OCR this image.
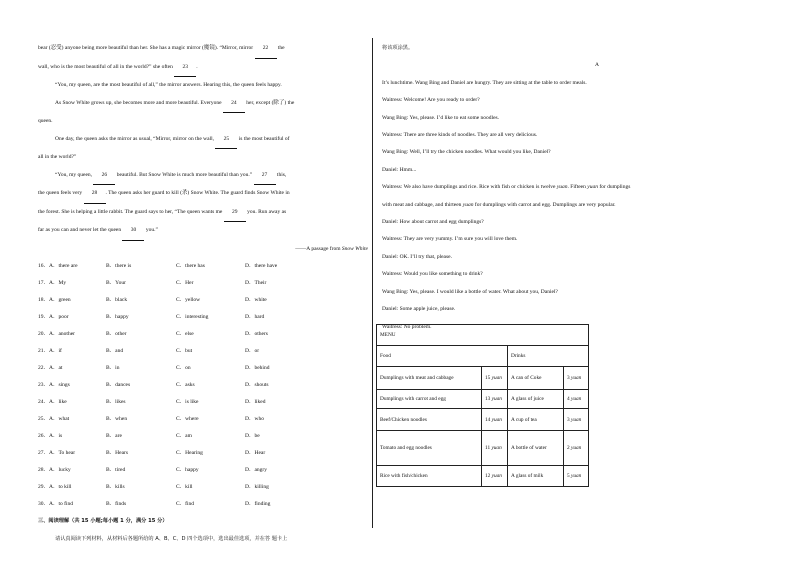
bear (忍受) anyone being more beautiful than her. She has a magic mirror (魔镜). “Mirror, mirror 22 the

wall, who is the most beautiful of all in the world?” she often 23 .

“You, my queen, are the most beautiful of all,” the mirror answers. Hearing this, the queen feels happy.

As Snow White grows up, she becomes more and more beautiful. Everyone 24 her, except (除了) the

queen.

One day, the queen asks the mirror as usual, “Mirror, mirror on the wall, 25 is the most beautiful of

all in the world?”

“You, my queen, 26 beautiful. But Snow White is much more beautiful than you.” 27 this,

the queen feels very 28 . The queen asks her guard to kill (杀) Snow White. The guard finds Snow White in

the forest. She is helping a little rabbit. The guard says to her, “The queen wants me 29 you. Run away as

far as you can and never let the queen 30 you.”

——A passage from Snow White

16．A．there are	B．there is	C．there has	D．there have
17．A．My	B．Your	C．Her	D．Their
18．A．green	B．black	C．yellow	D．white
19．A．poor	B．happy	C．interesting	D．hard
20．A．another	B．other	C．else	D．others
21．A．if	B．and	C．but	D．or
22．A．at	B．in	C．on	D．behind
23．A．sings	B．dances	C．asks	D．shouts
24．A．like	B．likes	C．is like	D．liked
25．A．what	B．when	C．where	D．who
26．A．is	B．are	C．am	D．be
27．A．To hear	B．Hears	C．Hearing	D．Hear
28．A．lucky	B．tired	C．happy	D．angry
29．A．to kill	B．kills	C．kill	D．killing
30．A．to find	B．finds	C．find	D．finding

三、阅读理解（共 15 小题;每小题 1 分，满分 15 分）

请认真阅读下列材料，从材料后各题所给的 A、B、C、D 四个选项中，选出最佳选项，并在答 题卡上

将该项涂黑。

A

It’s lunchtime. Wang Bing and Daniel are hungry. They are sitting at the table to order meals.

Waitress: Welcome! Are you ready to order?

Wang Bing: Yes, please. I’d like to eat some noodles.

Waitress: There are three kinds of noodles. They are all very delicious.

Wang Bing: Well, I’ll try the chicken noodles. What would you like, Daniel?

Daniel: Hmm...

Waitress: We also have dumplings and rice. Rice with fish or chicken is twelve yuan. Fifteen yuan for dumplings

with meat and cabbage, and thirteen yuan for dumplings with carrot and egg. Dumplings are very popular.

Daniel: How about carrot and egg dumplings?

Waitress: They are very yummy. I’m sure you will love them.

Daniel: OK. I’ll try that, please.

Waitress: Would you like something to drink?

Wang Bing: Yes, please. I would like a bottle of water. What about you, Daniel?

Daniel: Some apple juice, please.

Waitress: No problem.

MENU			
Food		Drinks	
Dumplings with meat and cabbage	15 yuan	A can of Coke	3 yuan
Dumplings with carrot and egg	13 yuan	A glass of juice	4 yuan
Beef/Chicken noodles	14 yuan	A cup of tea	3 yuan
Tomato and egg noodles	11 yuan	A bottle of water	2 yuan
Rice with fish/chicken	12 yuan	A glass of milk	5 yuan
